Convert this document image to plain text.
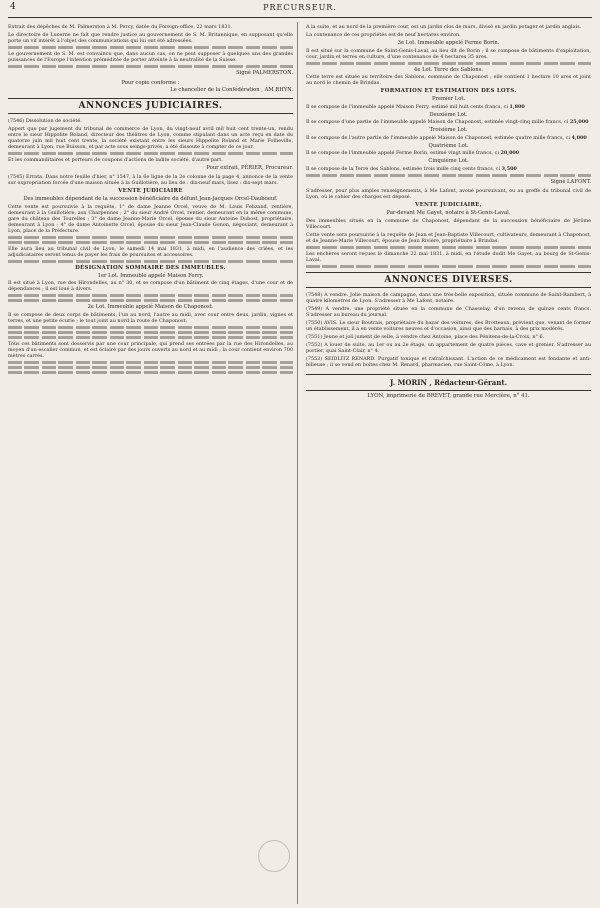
4	PRECURSEUR.

Extrait des dépêches de M. Palmerston à M. Percy, datée du Foreign-office, 22 mars 1831.

Le directoire de Lucerne ne fait que rendre justice au gouvernement de S. M. Britannique, en supposant qu'elle porte un vif intérêt à l'objet des communications qui lui ont été adressées.

Le gouvernement de S. M. est convaincu que, dans aucun cas, on ne peut supposer à quelques uns des grandes puissances de l'Europe l'intention préméditée de porter atteinte à la neutralité de la Suisse.

Signé PALMERSTON.

Pour copie conforme :

Le chancelier de la Confédération , AM RHYN.

ANNONCES JUDICIAIRES.

(7546) Dissolution de société.

Appert que par jugement du tribunal de commerce de Lyon, du vingt-neuf avril mil huit cent trente-un, rendu entre le sieur Hippolite Roland, directeur des théâtres de Lyon, comme stipulant dans un acte reçu en date du quatorze juin mil huit cent trente, la société existant entre les sieurs Hippolite Roland et Marie Follieville, demeurant à Lyon, rue Buisson, et par acte sous seings-privés, a été dissoute à compter de ce jour.

Et les commanditaires et porteurs de coupons d'actions de ladite société, d'autre part.

Pour extrait, PÉRIER, Procureur.

(7545) Errata. Dans notre feuille d'hier, n° 1547, à la 6e ligne de la 2e colonne de la page 4, annonce de la vente sur expropriation forcée d'une maison située à la Guillotière, au lieu de : dix-neuf mars, lisez : dix-sept mars.

VENTE JUDICIAIRE

Des immeubles dépendant de la succession bénéficiaire du défunt Jean-Jacques Orcel-Dauboeuf.

Cette vente est poursuivie à la requête, 1° de dame Jeanne Orcel, veuve de M. Louis Felizand, rentière, demeurant à la Guillotière, aux Charpennes ; 2° du sieur André Orcel, rentier, demeurant en la même commune, gare du château des Tourelles ; 3° de dame Jeanne-Marie Orcel, épouse du sieur Antoine Dubost, propriétaire, demeurant à Lyon ; 4° de dame Antoinette Orcel, épouse du sieur Jean-Claude Gonon, négociant, demeurant à Lyon, place de la Préfecture.

Elle aura lieu au tribunal civil de Lyon, le samedi 14 mai 1831, à midi, en l'audience des criées, et les adjudicataires seront tenus de payer les frais de poursuites et accessoires.

DÉSIGNATION SOMMAIRE DES IMMEUBLES.

1er Lot. Immeuble appelé Maison Ferry.

Il est situé à Lyon, rue des Hirondelles, au n° 30, et se compose d'un bâtiment de cinq étages, d'une cour et de dépendances ; il est loué à divers.

2e Lot. Immeuble appelé Maison de Chaponost.

Il se compose de deux corps de bâtiments, l'un au nord, l'autre au midi, avec cour entre deux, jardin, vignes et terres, et une petite écurie ; le tout joint au nord la route de Chaponost.

Tous ces bâtiments sont desservis par une cour principale, qui prend ses entrées par la rue des Hirondelles, au moyen d'un escalier commun, et est éclairé par des jours ouverts au nord et au midi ; la cour contient environ 700 mètres carrés.

A la suite, et au nord de la première cour, est un jardin clos de murs, divisé en jardin potager et jardin anglais.

La contenance de ces propriétés est de neuf hectares environ.

3e Lot. Immeuble appelé Ferme Borin.

Il est situé sur la commune de Saint-Genis-Laval, au lieu dit de Borin ; il se compose de bâtiments d'exploitation, cour, jardin et terres en culture, d'une contenance de 4 hectares 35 ares.

4e Lot. Terre des Sablons.

Cette terre est située au territoire des Sablons, commune de Chaponost ; elle contient 1 hectare 10 ares et joint au nord le chemin de Brindas.

FORMATION ET ESTIMATION DES LOTS.

Premier Lot.

Il se compose de l'immeuble appelé Maison Ferry, estimé mil huit cents francs, ci 1,800

Deuxième Lot.

Il se compose d'une partie de l'immeuble appelé Maison de Chaponost, estimée vingt-cinq mille francs, ci 25,000

Troisième Lot.

Il se compose de l'autre partie de l'immeuble appelé Maison de Chaponost, estimée quatre mille francs, ci 4,000

Quatrième Lot.

Il se compose de l'immeuble appelé Ferme Borin, estimé vingt mille francs, ci 20,000

Cinquième Lot.

Il se compose de la Terre des Sablons, estimée trois mille cinq cents francs, ci 3,500

Signé LAFONT.

S'adresser, pour plus amples renseignements, à Me Lafont, avoué poursuivant, ou au greffe du tribunal civil de Lyon, où le cahier des charges est déposé.

VENTE JUDICIAIRE,

Par-devant Me Gayet, notaire à St-Genis-Laval.

Des immeubles situés en la commune de Chaponost, dépendant de la succession bénéficiaire de Jérôme Villecourt.

Cette vente sera poursuivie à la requête de Jean et Jean-Baptiste Villecourt, cultivateurs, demeurant à Chaponost, et de Jeanne-Marie Villecourt, épouse de Jean Rivière, propriétaire à Brindas.

Les enchères seront reçues le dimanche 22 mai 1831, à midi, en l'étude dudit Me Gayet, au bourg de St-Genis-Laval.

ANNONCES DIVERSES.

(7548) A vendre. Jolie maison de campagne, dans une très-belle exposition, située commune de Saint-Rambert, à quatre kilomètres de Lyon. S'adresser à Me Lafont, notaire.

(7549) A vendre, une propriété située en la commune de Chasselay, d'un revenu de quinze cents francs. S'adresser au bureau du journal.

(7550) AVIS. Le sieur Boutrais, propriétaire du bazar des voitures, des Brotteaux, prévient que, venant de former un établissement, il a en vente voitures neuves et d'occasion, ainsi que des harnais, à des prix modérés.

(7551) Jeune et joli jument de selle, à vendre chez Antoine, place des Pénitens-de-la-Croix, n° 6.

(7552) A louer de suite, au 1er ou au 2e étage, un appartement de quatre pièces, cave et grenier. S'adresser au portier, quai Saint-Clair, n° 4.

(7553) SEIDLITZ RENARD. Purgatif tonique et rafraîchissant. L'action de ce médicament est fondante et anti-bilieuse ; il se vend en boîtes chez M. Renard, pharmacien, rue Saint-Côme, à Lyon.

J. MORIN , Rédacteur-Gérant.

LYON, imprimerie de BREVET, grande rue Mercière, n° 41.
